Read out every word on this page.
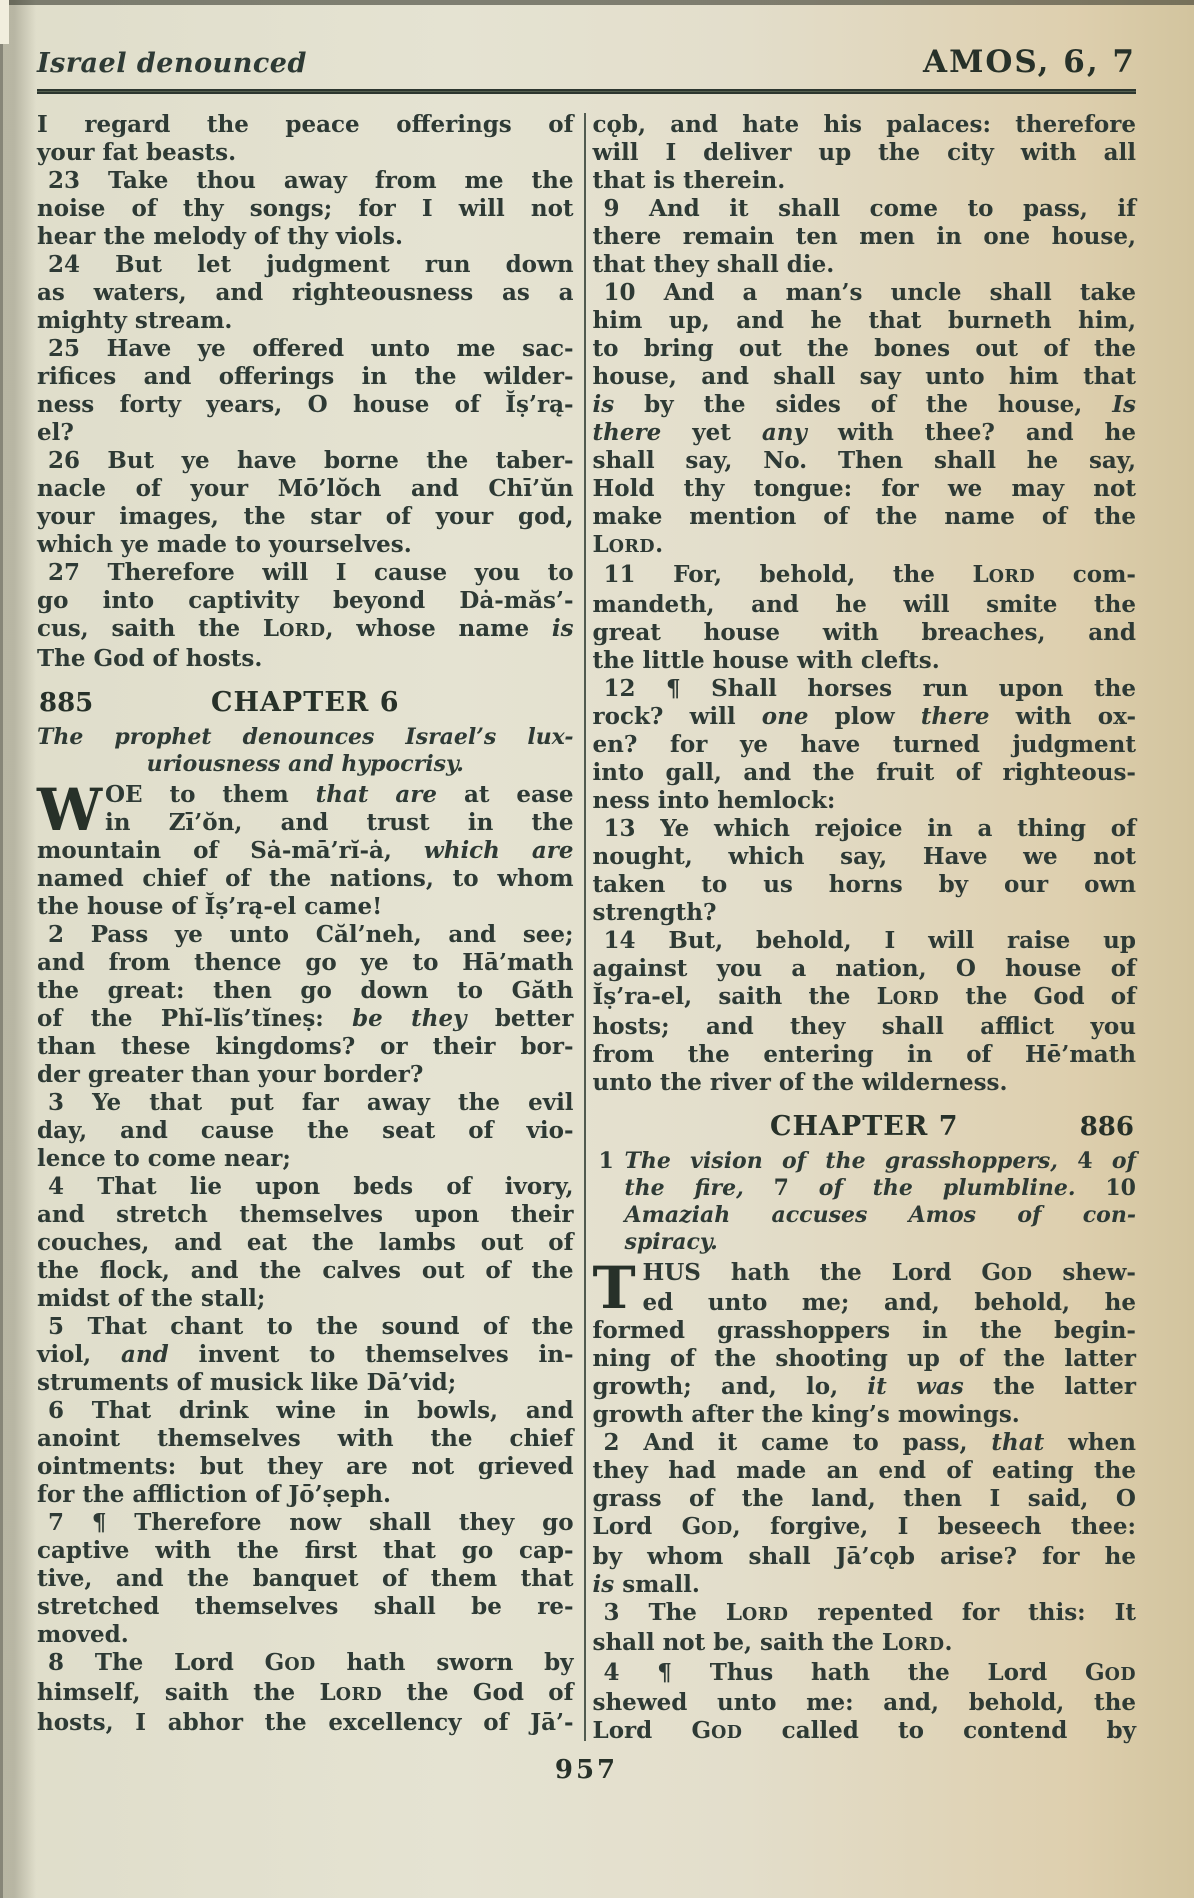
Israel denounced	AMOS, 6, 7
I regard the peace offerings of
your fat beasts.
23 Take thou away from me the
noise of thy songs; for I will not
hear the melody of thy viols.
24 But let judgment run down
as waters, and righteousness as a
mighty stream.
25 Have ye offered unto me sac-
rifices and offerings in the wilder-
ness forty years, O house of Ĭṣ’rą-
el?
26 But ye have borne the taber-
nacle of your Mō’lŏch and Chī’ŭn
your images, the star of your god,
which ye made to yourselves.
27 Therefore will I cause you to
go into captivity beyond Dȧ-măs’-
cus, saith the LORD, whose name is
The God of hosts.
885	CHAPTER 6
The prophet denounces Israel’s lux-
uriousness and hypocrisy.
W OE to them that are at ease
in Zī’ŏn, and trust in the
mountain of Sȧ-mā’rĭ-ȧ, which are
named chief of the nations, to whom
the house of Ĭṣ’rą-el came!
2 Pass ye unto Căl’neh, and see;
and from thence go ye to Hā’math
the great: then go down to Găth
of the Phĭ-lĭs’tĭneṣ: be they better
than these kingdoms? or their bor-
der greater than your border?
3 Ye that put far away the evil
day, and cause the seat of vio-
lence to come near;
4 That lie upon beds of ivory,
and stretch themselves upon their
couches, and eat the lambs out of
the flock, and the calves out of the
midst of the stall;
5 That chant to the sound of the
viol, and invent to themselves in-
struments of musick like Dā’vid;
6 That drink wine in bowls, and
anoint themselves with the chief
ointments: but they are not grieved
for the affliction of Jō’ṣeph.
7 ¶ Therefore now shall they go
captive with the first that go cap-
tive, and the banquet of them that
stretched themselves shall be re-
moved.
8 The Lord GOD hath sworn by
himself, saith the LORD the God of
hosts, I abhor the excellency of Jā’-
cǫb, and hate his palaces: therefore
will I deliver up the city with all
that is therein.
9 And it shall come to pass, if
there remain ten men in one house,
that they shall die.
10 And a man’s uncle shall take
him up, and he that burneth him,
to bring out the bones out of the
house, and shall say unto him that
is by the sides of the house, Is
there yet any with thee? and he
shall say, No. Then shall he say,
Hold thy tongue: for we may not
make mention of the name of the
LORD.
11 For, behold, the LORD com-
mandeth, and he will smite the
great house with breaches, and
the little house with clefts.
12 ¶ Shall horses run upon the
rock? will one plow there with ox-
en? for ye have turned judgment
into gall, and the fruit of righteous-
ness into hemlock:
13 Ye which rejoice in a thing of
nought, which say, Have we not
taken to us horns by our own
strength?
14 But, behold, I will raise up
against you a nation, O house of
Ĭṣ’ra-el, saith the LORD the God of
hosts; and they shall afflict you
from the entering in of Hē’math
unto the river of the wilderness.
886
CHAPTER 7
1 The vision of the grasshoppers, 4 of
the fire, 7 of the plumbline. 10
Amaziah accuses Amos of con-
spiracy.
T HUS hath the Lord GOD shew-
ed unto me; and, behold, he
formed grasshoppers in the begin-
ning of the shooting up of the latter
growth; and, lo, it was the latter
growth after the king’s mowings.
2 And it came to pass, that when
they had made an end of eating the
grass of the land, then I said, O
Lord GOD, forgive, I beseech thee:
by whom shall Jā’cǫb arise? for he
is small.
3 The LORD repented for this: It
shall not be, saith the LORD.
4 ¶ Thus hath the Lord GOD
shewed unto me: and, behold, the
Lord GOD called to contend by
957
